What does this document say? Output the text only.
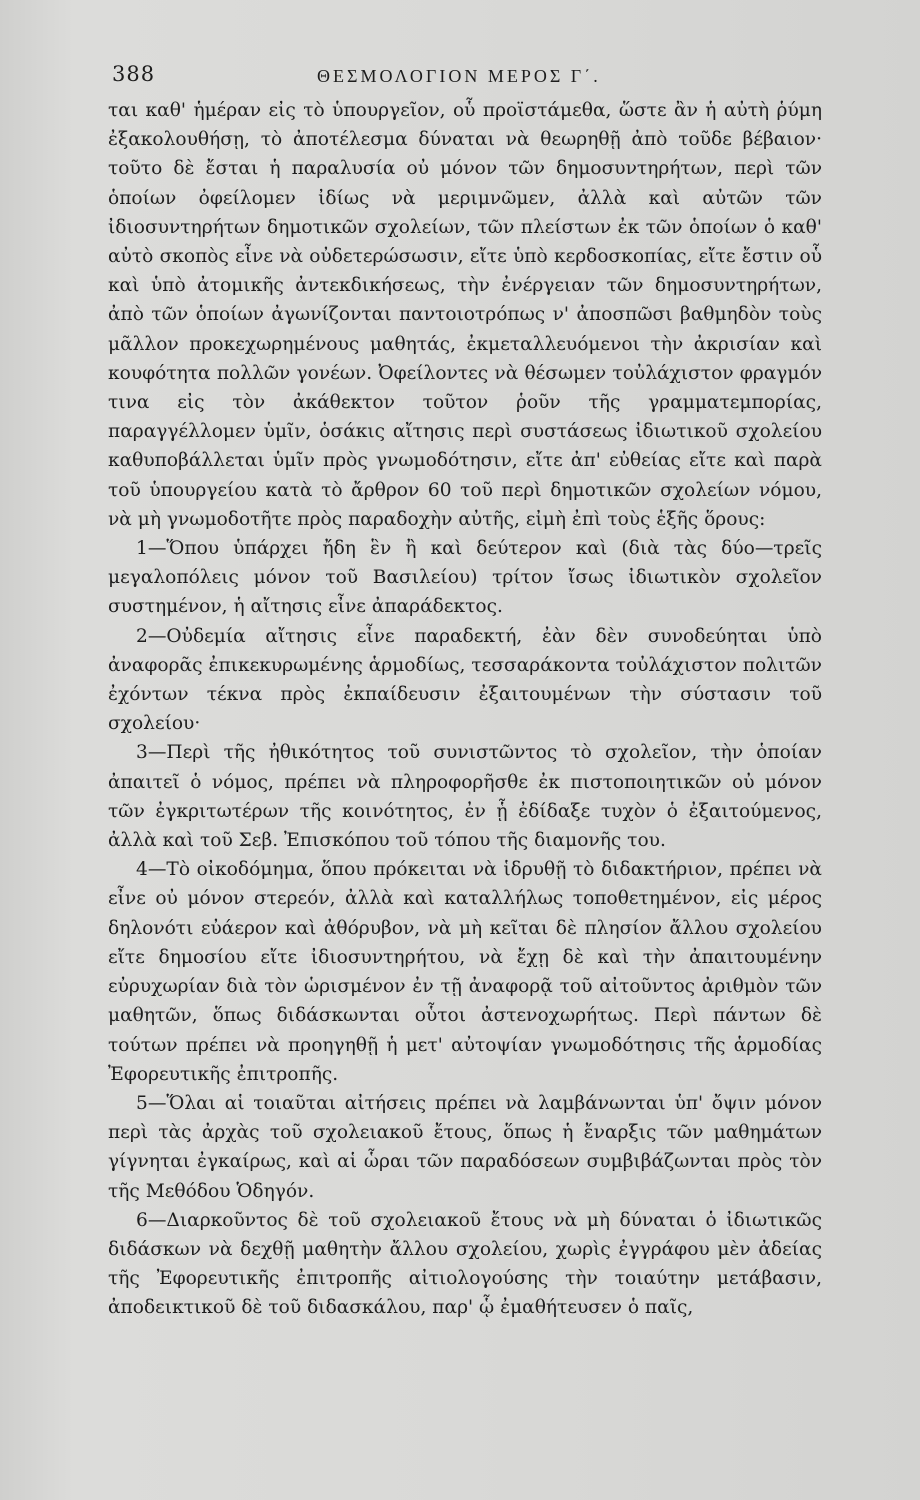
388	ΘΕΣΜΟΛΟΓΙΟΝ ΜΕΡΟΣ Γ΄.

ται καθ' ἡμέραν εἰς τὸ ὑπουργεῖον, οὗ προϊστάμεθα, ὥστε ἂν ἡ αὐτὴ ῥύμη ἐξακολουθήσῃ, τὸ ἀποτέλεσμα δύναται νὰ θεωρηθῇ ἀπὸ τοῦδε βέβαιον· τοῦτο δὲ ἔσται ἡ παραλυσία οὐ μόνον τῶν δημοσυντηρήτων, περὶ τῶν ὁποίων ὀφείλομεν ἰδίως νὰ μεριμνῶμεν, ἀλλὰ καὶ αὐτῶν τῶν ἰδιοσυντηρήτων δημοτικῶν σχολείων, τῶν πλείστων ἐκ τῶν ὁποίων ὁ καθ' αὐτὸ σκοπὸς εἶνε νὰ οὐδετερώσωσιν, εἴτε ὑπὸ κερδοσκοπίας, εἴτε ἔστιν οὗ καὶ ὑπὸ ἀτομικῆς ἀντεκδικήσεως, τὴν ἐνέργειαν τῶν δημοσυντηρήτων, ἀπὸ τῶν ὁποίων ἀγωνίζονται παντοιοτρόπως ν' ἀποσπῶσι βαθμηδὸν τοὺς μᾶλλον προκεχωρημένους μαθητάς, ἐκμεταλλευόμενοι τὴν ἀκρισίαν καὶ κουφότητα πολλῶν γονέων. Ὀφείλοντες νὰ θέσωμεν τοὐλάχιστον φραγμόν τινα εἰς τὸν ἀκάθεκτον τοῦτον ῥοῦν τῆς γραμματεμπορίας, παραγγέλλομεν ὑμῖν, ὁσάκις αἴτησις περὶ συστάσεως ἰδιωτικοῦ σχολείου καθυποβάλλεται ὑμῖν πρὸς γνωμοδότησιν, εἴτε ἀπ' εὐθείας εἴτε καὶ παρὰ τοῦ ὑπουργείου κατὰ τὸ ἄρθρον 60 τοῦ περὶ δημοτικῶν σχολείων νόμου, νὰ μὴ γνωμοδοτῆτε πρὸς παραδοχὴν αὐτῆς, εἰμὴ ἐπὶ τοὺς ἑξῆς ὅρους:

1—Ὅπου ὑπάρχει ἤδη ἓν ἢ καὶ δεύτερον καὶ (διὰ τὰς δύο—τρεῖς μεγαλοπόλεις μόνον τοῦ Βασιλείου) τρίτον ἴσως ἰδιωτικὸν σχολεῖον συστημένον, ἡ αἴτησις εἶνε ἀπαράδεκτος.

2—Οὐδεμία αἴτησις εἶνε παραδεκτή, ἐὰν δὲν συνοδεύηται ὑπὸ ἀναφορᾶς ἐπικεκυρωμένης ἁρμοδίως, τεσσαράκοντα τοὐλάχιστον πολιτῶν ἐχόντων τέκνα πρὸς ἐκπαίδευσιν ἐξαιτουμένων τὴν σύστασιν τοῦ σχολείου·

3—Περὶ τῆς ἠθικότητος τοῦ συνιστῶντος τὸ σχολεῖον, τὴν ὁποίαν ἀπαιτεῖ ὁ νόμος, πρέπει νὰ πληροφορῆσθε ἐκ πιστοποιητικῶν οὐ μόνον τῶν ἐγκριτωτέρων τῆς κοινότητος, ἐν ᾗ ἐδίδαξε τυχὸν ὁ ἐξαιτούμενος, ἀλλὰ καὶ τοῦ Σεβ. Ἐπισκόπου τοῦ τόπου τῆς διαμονῆς του.

4—Τὸ οἰκοδόμημα, ὅπου πρόκειται νὰ ἱδρυθῇ τὸ διδακτήριον, πρέπει νὰ εἶνε οὐ μόνον στερεόν, ἀλλὰ καὶ καταλλήλως τοποθετημένον, εἰς μέρος δηλονότι εὐάερον καὶ ἀθόρυβον, νὰ μὴ κεῖται δὲ πλησίον ἄλλου σχολείου εἴτε δημοσίου εἴτε ἰδιοσυντηρήτου, νὰ ἔχῃ δὲ καὶ τὴν ἀπαιτουμένην εὐρυχωρίαν διὰ τὸν ὡρισμένον ἐν τῇ ἀναφορᾷ τοῦ αἰτοῦντος ἀριθμὸν τῶν μαθητῶν, ὅπως διδάσκωνται οὗτοι ἀστενοχωρήτως. Περὶ πάντων δὲ τούτων πρέπει νὰ προηγηθῇ ἡ μετ' αὐτοψίαν γνωμοδότησις τῆς ἁρμοδίας Ἐφορευτικῆς ἐπιτροπῆς.

5—Ὅλαι αἱ τοιαῦται αἰτήσεις πρέπει νὰ λαμβάνωνται ὑπ' ὄψιν μόνον περὶ τὰς ἀρχὰς τοῦ σχολειακοῦ ἔτους, ὅπως ἡ ἔναρξις τῶν μαθημάτων γίγνηται ἐγκαίρως, καὶ αἱ ὧραι τῶν παραδόσεων συμβιβάζωνται πρὸς τὸν τῆς Μεθόδου Ὁδηγόν.

6—Διαρκοῦντος δὲ τοῦ σχολειακοῦ ἔτους νὰ μὴ δύναται ὁ ἰδιωτικῶς διδάσκων νὰ δεχθῇ μαθητὴν ἄλλου σχολείου, χωρὶς ἐγγράφου μὲν ἀδείας τῆς Ἐφορευτικῆς ἐπιτροπῆς αἰτιολογούσης τὴν τοιαύτην μετάβασιν, ἀποδεικτικοῦ δὲ τοῦ διδασκάλου, παρ' ᾧ ἐμαθήτευσεν ὁ παῖς,
